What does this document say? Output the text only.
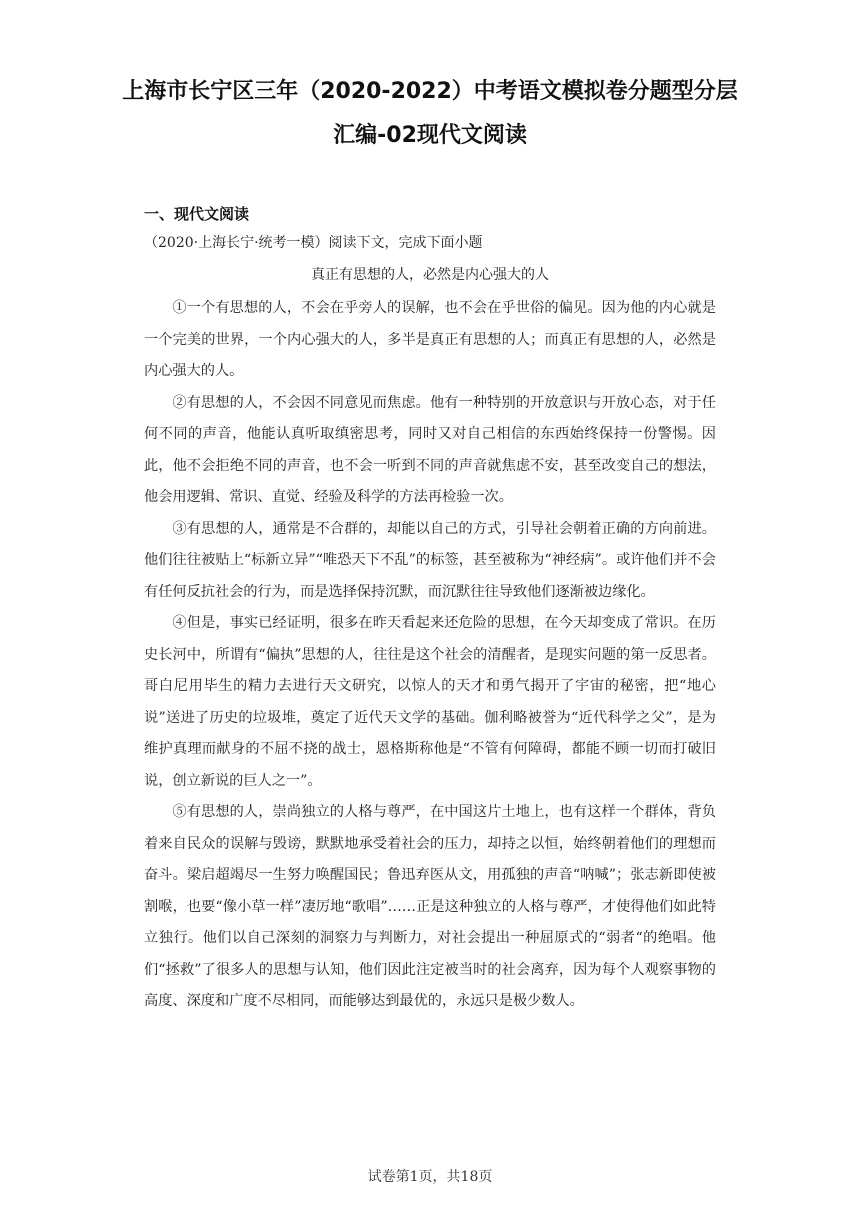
上海市长宁区三年（2020-2022）中考语文模拟卷分题型分层
汇编-02现代文阅读
一、现代文阅读
（2020·上海长宁·统考一模）阅读下文，完成下面小题
真正有思想的人，必然是内心强大的人

①一个有思想的人，不会在乎旁人的误解，也不会在乎世俗的偏见。因为他的内心就是一个完美的世界，一个内心强大的人，多半是真正有思想的人；而真正有思想的人，必然是内心强大的人。

②有思想的人，不会因不同意见而焦虑。他有一种特别的开放意识与开放心态，对于任何不同的声音，他能认真听取缜密思考，同时又对自己相信的东西始终保持一份警惕。因此，他不会拒绝不同的声音，也不会一听到不同的声音就焦虑不安，甚至改变自己的想法，他会用逻辑、常识、直觉、经验及科学的方法再检验一次。

③有思想的人，通常是不合群的，却能以自己的方式，引导社会朝着正确的方向前进。他们往往被贴上“标新立异”“唯恐天下不乱”的标签，甚至被称为“神经病”。或许他们并不会有任何反抗社会的行为，而是选择保持沉默，而沉默往往导致他们逐渐被边缘化。

④但是，事实已经证明，很多在昨天看起来还危险的思想，在今天却变成了常识。在历史长河中，所谓有“偏执”思想的人，往往是这个社会的清醒者，是现实问题的第一反思者。哥白尼用毕生的精力去进行天文研究，以惊人的天才和勇气揭开了宇宙的秘密，把“地心说”送进了历史的垃圾堆，奠定了近代天文学的基础。伽利略被誉为“近代科学之父”，是为维护真理而献身的不屈不挠的战士，恩格斯称他是“不管有何障碍，都能不顾一切而打破旧说，创立新说的巨人之一”。

⑤有思想的人，崇尚独立的人格与尊严，在中国这片土地上，也有这样一个群体，背负着来自民众的误解与毁谤，默默地承受着社会的压力，却持之以恒，始终朝着他们的理想而奋斗。梁启超竭尽一生努力唤醒国民；鲁迅弃医从文，用孤独的声音“呐喊”；张志新即使被割喉，也要“像小草一样”凄厉地“歌唱”……正是这种独立的人格与尊严，才使得他们如此特立独行。他们以自己深刻的洞察力与判断力，对社会提出一种屈原式的“弱者“的绝唱。他们“拯救”了很多人的思想与认知，他们因此注定被当时的社会离弃，因为每个人观察事物的高度、深度和广度不尽相同，而能够达到最优的，永远只是极少数人。

试卷第1页，共18页
